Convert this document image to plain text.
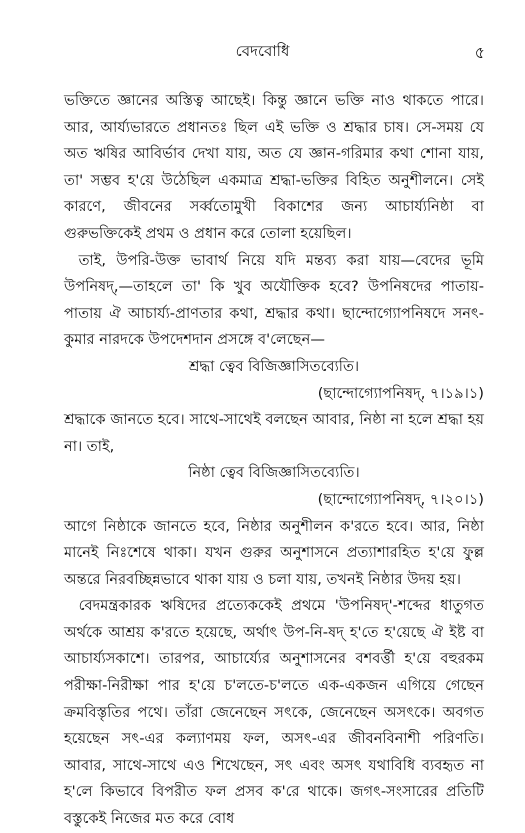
বেদবোধি	৫

ভক্তিতে জ্ঞানের অস্তিত্ব আছেই। কিন্তু জ্ঞানে ভক্তি নাও থাকতে পারে। আর, আর্য্যভারতে প্রধানতঃ ছিল এই ভক্তি ও শ্রদ্ধার চাষ। সে-সময় যে অত ঋষির আবির্ভাব দেখা যায়, অত যে জ্ঞান-গরিমার কথা শোনা যায়, তা' সম্ভব হ'য়ে উঠেছিল একমাত্র শ্রদ্ধা-ভক্তির বিহিত অনুশীলনে। সেই কারণে, জীবনের সর্ব্বতোমুখী বিকাশের জন্য আচার্য্যনিষ্ঠা বা গুরুভক্তিকেই প্রথম ও প্রধান করে তোলা হয়েছিল।

তাই, উপরি-উক্ত ভাবার্থ নিয়ে যদি মন্তব্য করা যায়—বেদের ভূমি উপনিষদ্,—তাহলে তা' কি খুব অযৌক্তিক হবে? উপনিষদের পাতায়-পাতায় ঐ আচার্য্য-প্রাণতার কথা, শ্রদ্ধার কথা। ছান্দোগ্যোপনিষদে সনৎ-কুমার নারদকে উপদেশদান প্রসঙ্গে ব'লেছেন—

শ্রদ্ধা ত্বেব বিজিজ্ঞাসিতব্যেতি।

(ছান্দোগ্যোপনিষদ্, ৭।১৯।১)

শ্রদ্ধাকে জানতে হবে। সাথে-সাথেই বলছেন আবার, নিষ্ঠা না হলে শ্রদ্ধা হয় না। তাই,

নিষ্ঠা ত্বেব বিজিজ্ঞাসিতব্যেতি।

(ছান্দোগ্যোপনিষদ্, ৭।২০।১)

আগে নিষ্ঠাকে জানতে হবে, নিষ্ঠার অনুশীলন ক'রতে হবে। আর, নিষ্ঠা মানেই নিঃশেষে থাকা। যখন গুরুর অনুশাসনে প্রত্যাশারহিত হ'য়ে ফুল্ল অন্তরে নিরবচ্ছিন্নভাবে থাকা যায় ও চলা যায়, তখনই নিষ্ঠার উদয় হয়।

বেদমন্ত্রকারক ঋষিদের প্রত্যেককেই প্রথমে 'উপনিষদ্'-শব্দের ধাতুগত অর্থকে আশ্রয় ক'রতে হয়েছে, অর্থাৎ উপ-নি-ষদ্ হ'তে হ'য়েছে ঐ ইষ্ট বা আচার্য্যসকাশে। তারপর, আচার্য্যের অনুশাসনের বশবর্ত্তী হ'য়ে বহুরকম পরীক্ষা-নিরীক্ষা পার হ'য়ে চ'লতে-চ'লতে এক-একজন এগিয়ে গেছেন ক্রমবিস্তৃতির পথে। তাঁরা জেনেছেন সৎকে, জেনেছেন অসৎকে। অবগত হয়েছেন সৎ-এর কল্যাণময় ফল, অসৎ-এর জীবনবিনাশী পরিণতি। আবার, সাথে-সাথে এও শিখেছেন, সৎ এবং অসৎ যথাবিধি ব্যবহৃত না হ'লে কিভাবে বিপরীত ফল প্রসব ক'রে থাকে। জগৎ-সংসারের প্রতিটি বস্তুকেই নিজের মত করে বোধ
